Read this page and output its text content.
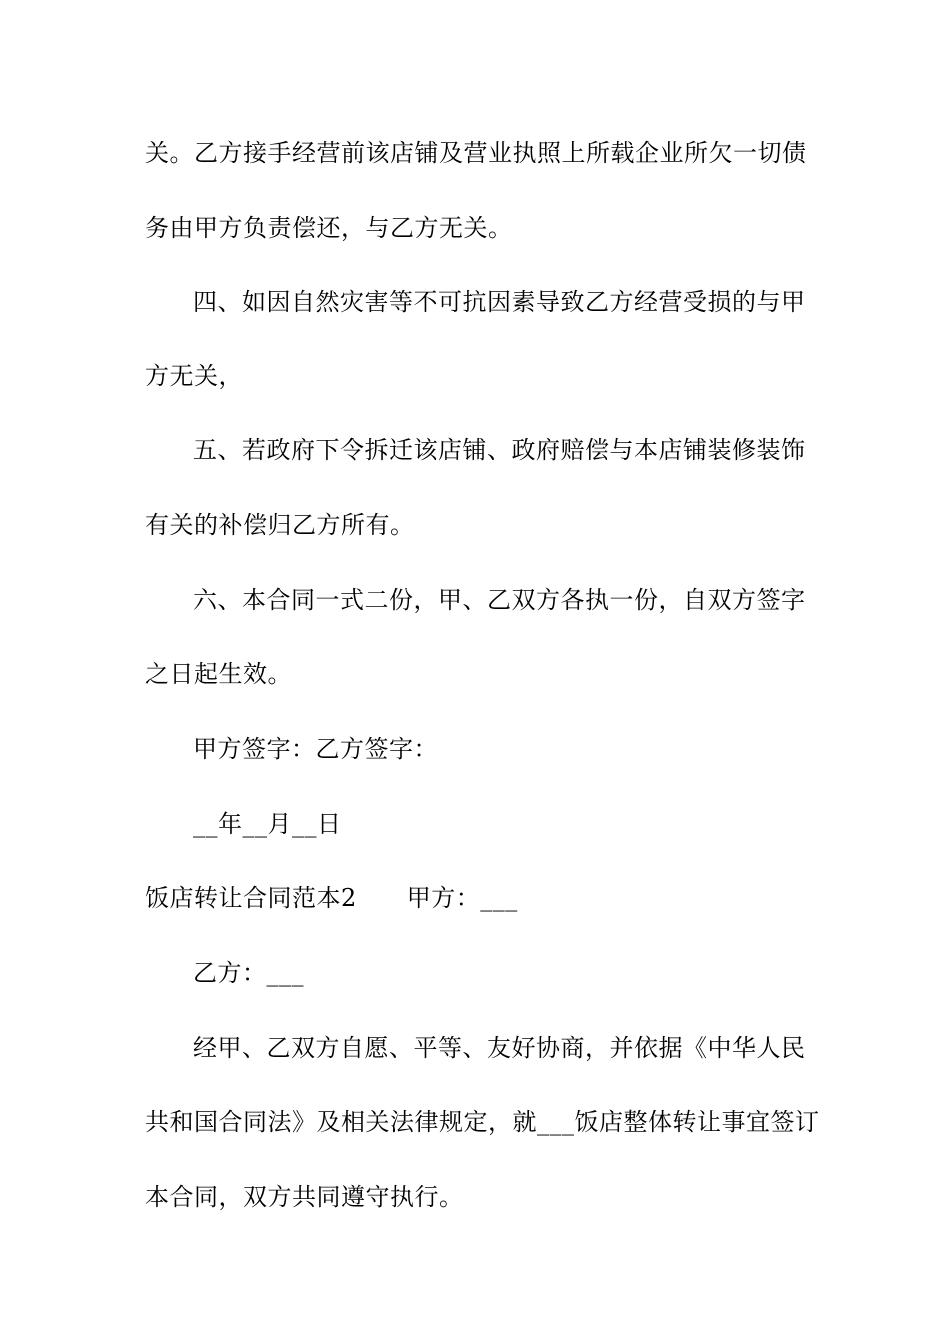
关。乙方接手经营前该店铺及营业执照上所载企业所欠一切债
务由甲方负责偿还，与乙方无关。
四、如因自然灾害等不可抗因素导致乙方经营受损的与甲
方无关，
五、若政府下令拆迁该店铺、政府赔偿与本店铺装修装饰
有关的补偿归乙方所有。
六、本合同一式二份，甲、乙双方各执一份，自双方签字
之日起生效。
甲方签字：乙方签字：
__年__月__日
饭店转让合同范本2 甲方：___
乙方：___
经甲、乙双方自愿、平等、友好协商，并依据《中华人民
共和国合同法》及相关法律规定，就___饭店整体转让事宜签订
本合同，双方共同遵守执行。
